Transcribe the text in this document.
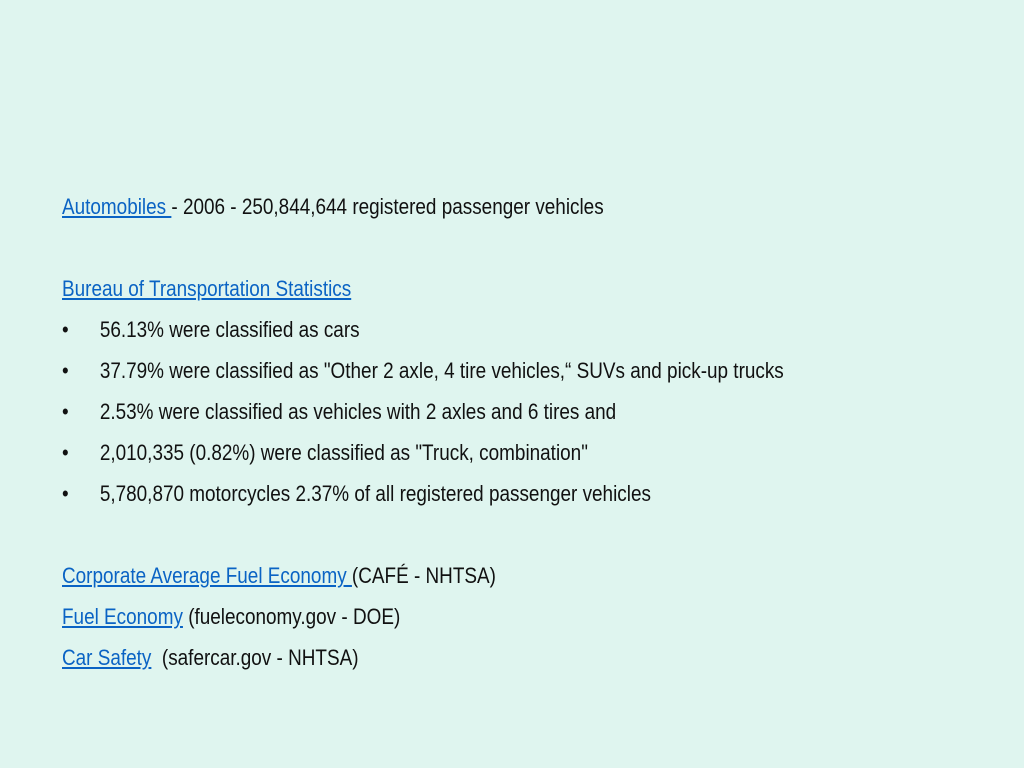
Automobiles - 2006 - 250,844,644 registered passenger vehicles
Bureau of Transportation Statistics
• 56.13% were classified as cars
• 37.79% were classified as "Other 2 axle, 4 tire vehicles,“ SUVs and pick-up trucks
• 2.53% were classified as vehicles with 2 axles and 6 tires and
• 2,010,335 (0.82%) were classified as "Truck, combination"
• 5,780,870 motorcycles 2.37% of all registered passenger vehicles
Corporate Average Fuel Economy (CAFÉ - NHTSA)
Fuel Economy (fueleconomy.gov - DOE)
Car Safety  (safercar.gov - NHTSA)
